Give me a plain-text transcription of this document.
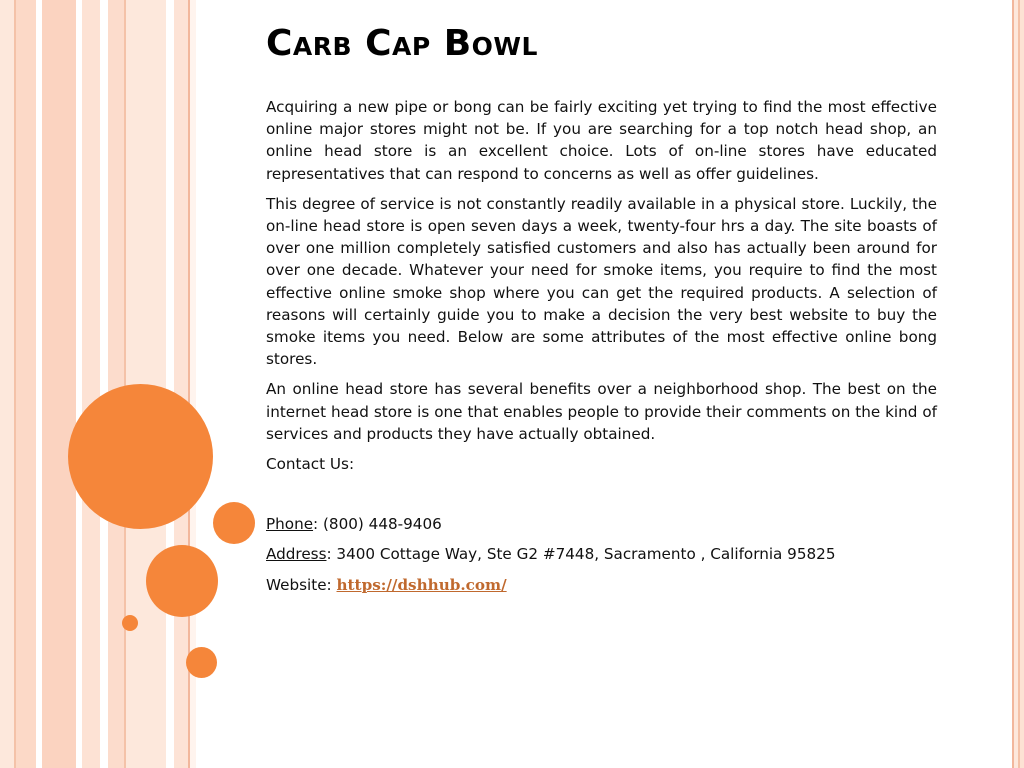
Carb Cap Bowl

Acquiring a new pipe or bong can be fairly exciting yet trying to find the most effective online major stores might not be. If you are searching for a top notch head shop, an online head store is an excellent choice. Lots of on-line stores have educated representatives that can respond to concerns as well as offer guidelines.

This degree of service is not constantly readily available in a physical store. Luckily, the on-line head store is open seven days a week, twenty-four hrs a day. The site boasts of over one million completely satisfied customers and also has actually been around for over one decade. Whatever your need for smoke items, you require to find the most effective online smoke shop where you can get the required products. A selection of reasons will certainly guide you to make a decision the very best website to buy the smoke items you need. Below are some attributes of the most effective online bong stores.

An online head store has several benefits over a neighborhood shop. The best on the internet head store is one that enables people to provide their comments on the kind of services and products they have actually obtained.

Contact Us:
Phone: (800) 448-9406
Address: 3400 Cottage Way, Ste G2 #7448, Sacramento , California 95825
Website: https://dshhub.com/
